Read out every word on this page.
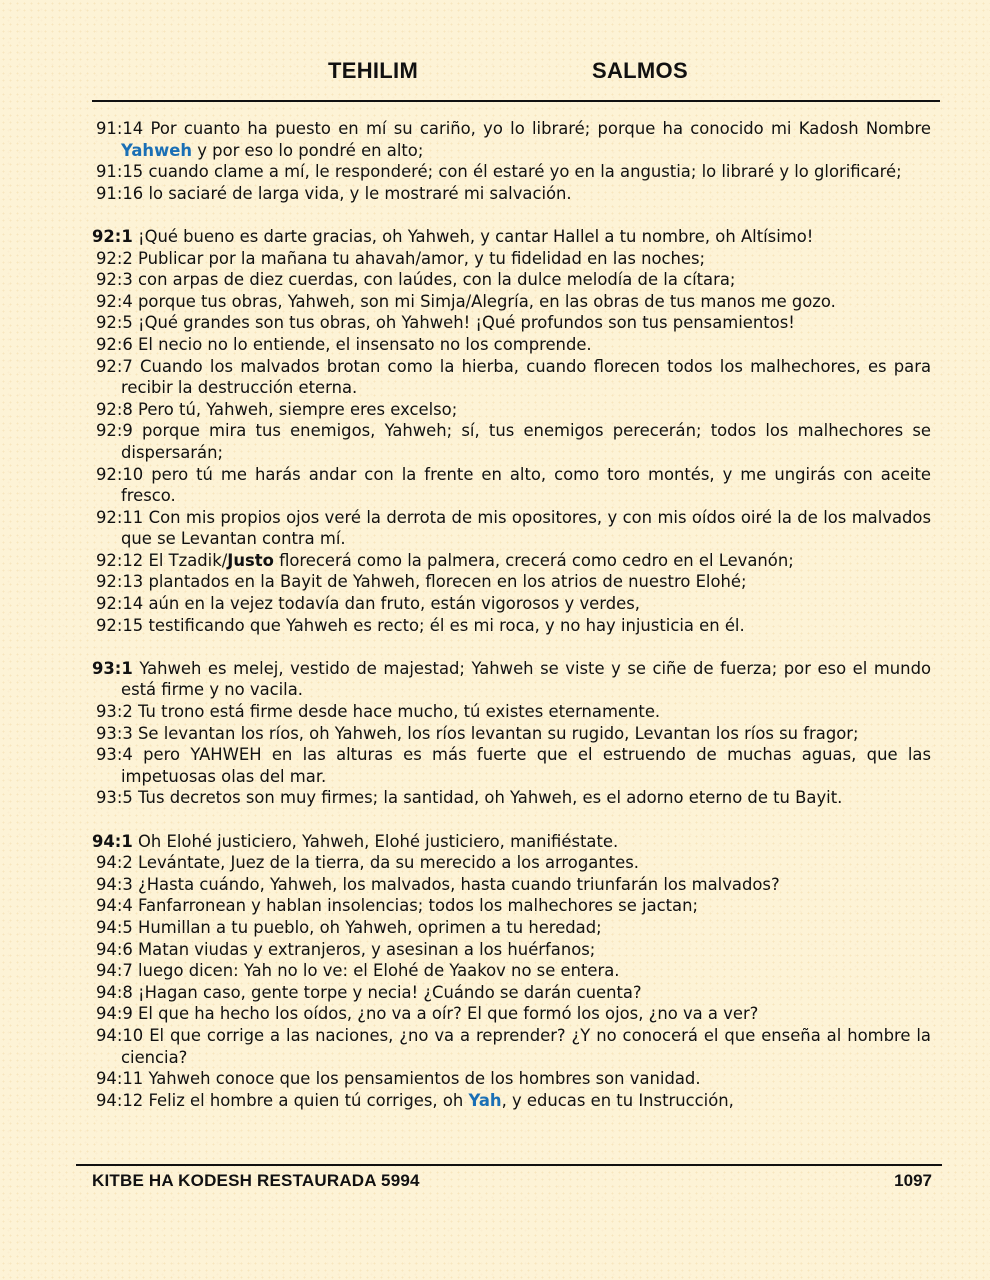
TEHILIM	SALMOS

91:14 Por cuanto ha puesto en mí su cariño, yo lo libraré; porque ha conocido mi Kadosh Nombre Yahweh y por eso lo pondré en alto;

91:15 cuando clame a mí, le responderé; con él estaré yo en la angustia; lo libraré y lo glorificaré;

91:16 lo saciaré de larga vida, y le mostraré mi salvación.

92:1 ¡Qué bueno es darte gracias, oh Yahweh, y cantar Hallel a tu nombre, oh Altísimo!

92:2 Publicar por la mañana tu ahavah/amor, y tu fidelidad en las noches;

92:3 con arpas de diez cuerdas, con laúdes, con la dulce melodía de la cítara;

92:4 porque tus obras, Yahweh, son mi Simja/Alegría, en las obras de tus manos me gozo.

92:5 ¡Qué grandes son tus obras, oh Yahweh! ¡Qué profundos son tus pensamientos!

92:6 El necio no lo entiende, el insensato no los comprende.

92:7 Cuando los malvados brotan como la hierba, cuando florecen todos los malhechores, es para recibir la destrucción eterna.

92:8 Pero tú, Yahweh, siempre eres excelso;

92:9 porque mira tus enemigos, Yahweh; sí, tus enemigos perecerán; todos los malhechores se dispersarán;

92:10 pero tú me harás andar con la frente en alto, como toro montés, y me ungirás con aceite fresco.

92:11 Con mis propios ojos veré la derrota de mis opositores, y con mis oídos oiré la de los malvados que se Levantan contra mí.

92:12 El Tzadik/Justo florecerá como la palmera, crecerá como cedro en el Levanón;

92:13 plantados en la Bayit de Yahweh, florecen en los atrios de nuestro Elohé;

92:14 aún en la vejez todavía dan fruto, están vigorosos y verdes,

92:15 testificando que Yahweh es recto; él es mi roca, y no hay injusticia en él.

93:1 Yahweh es melej, vestido de majestad; Yahweh se viste y se ciñe de fuerza; por eso el mundo está firme y no vacila.

93:2 Tu trono está firme desde hace mucho, tú existes eternamente.

93:3 Se levantan los ríos, oh Yahweh, los ríos levantan su rugido, Levantan los ríos su fragor;

93:4 pero YAHWEH en las alturas es más fuerte que el estruendo de muchas aguas, que las impetuosas olas del mar.

93:5 Tus decretos son muy firmes; la santidad, oh Yahweh, es el adorno eterno de tu Bayit.

94:1 Oh Elohé justiciero, Yahweh, Elohé justiciero, manifiéstate.

94:2 Levántate, Juez de la tierra, da su merecido a los arrogantes.

94:3 ¿Hasta cuándo, Yahweh, los malvados, hasta cuando triunfarán los malvados?

94:4 Fanfarronean y hablan insolencias; todos los malhechores se jactan;

94:5 Humillan a tu pueblo, oh Yahweh, oprimen a tu heredad;

94:6 Matan viudas y extranjeros, y asesinan a los huérfanos;

94:7 luego dicen: Yah no lo ve: el Elohé de Yaakov no se entera.

94:8 ¡Hagan caso, gente torpe y necia! ¿Cuándo se darán cuenta?

94:9 El que ha hecho los oídos, ¿no va a oír? El que formó los ojos, ¿no va a ver?

94:10 El que corrige a las naciones, ¿no va a reprender? ¿Y no conocerá el que enseña al hombre la ciencia?

94:11 Yahweh conoce que los pensamientos de los hombres son vanidad.

94:12 Feliz el hombre a quien tú corriges, oh Yah, y educas en tu Instrucción,

KITBE HA KODESH RESTAURADA 5994	1097
